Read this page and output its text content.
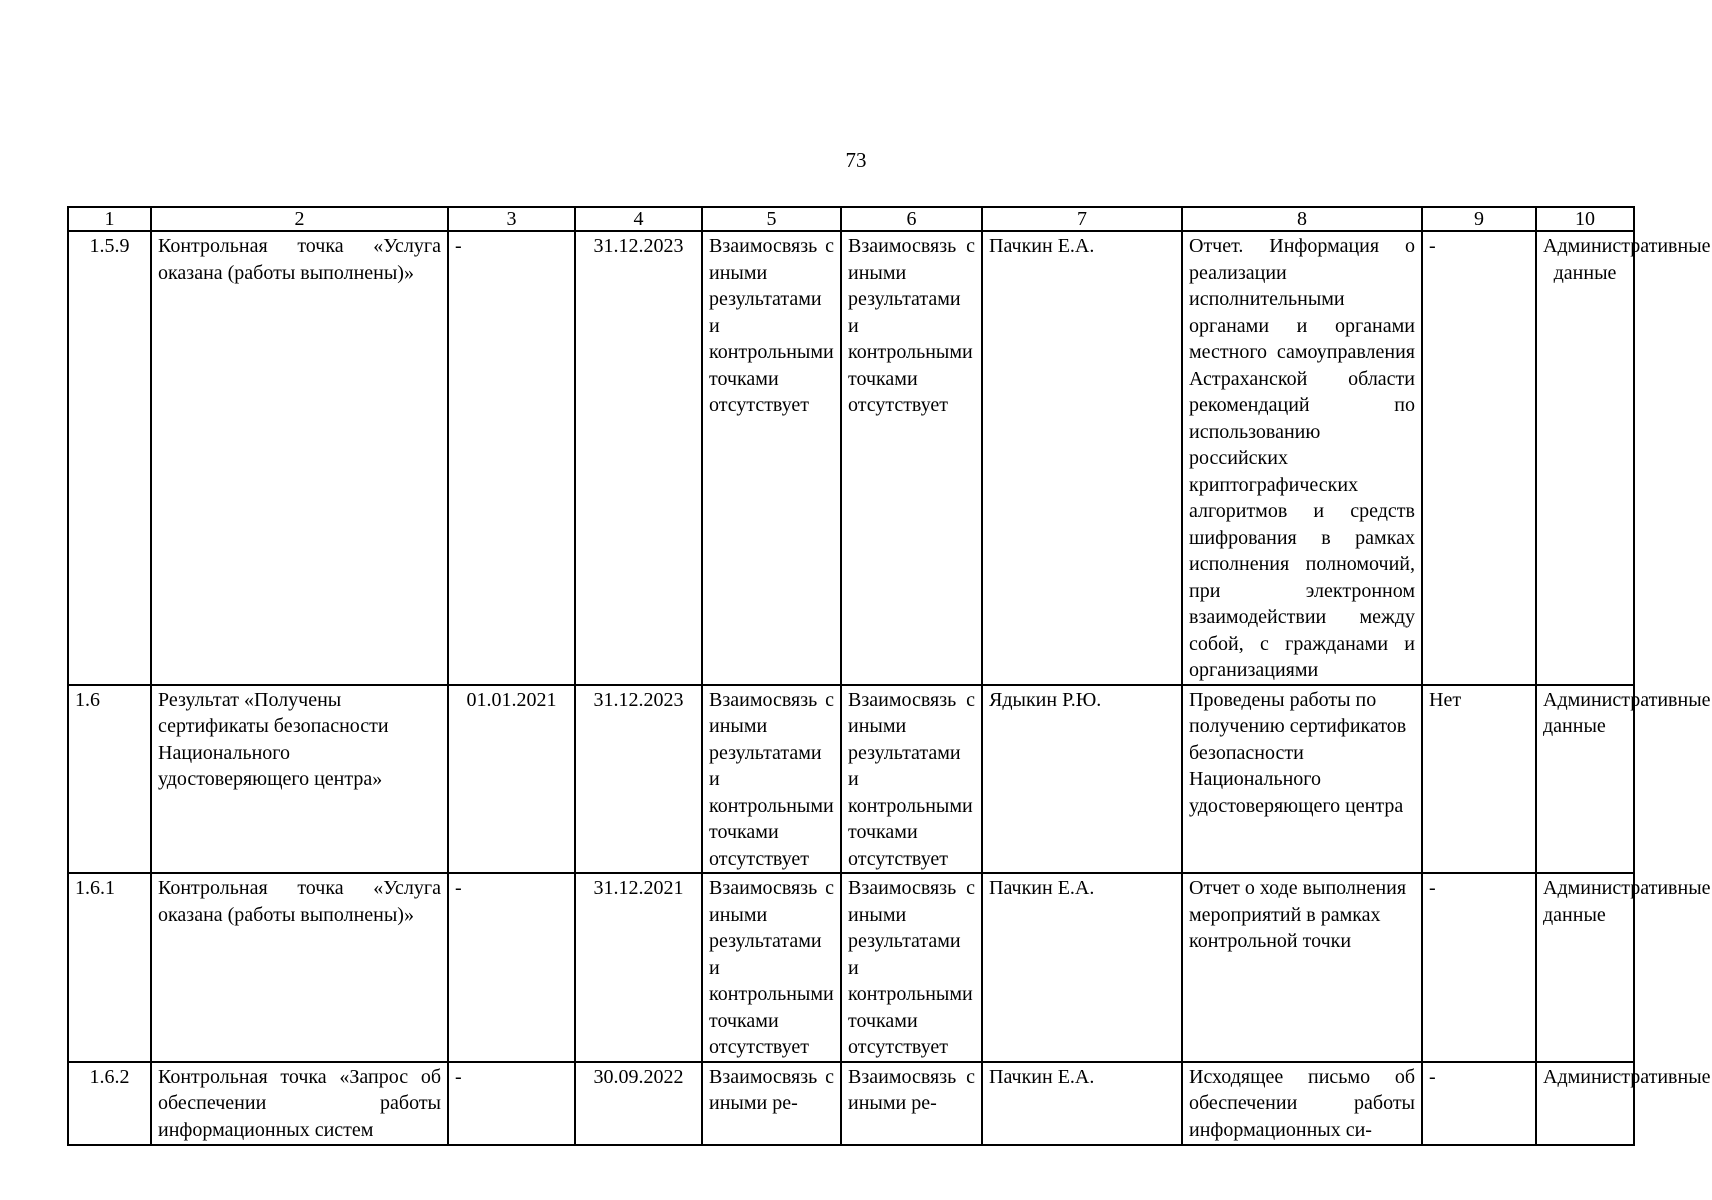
73
1	2	3	4	5	6	7	8	9	10
1.5.9	Контрольная точка «Услуга оказана (работы выполнены)»	-	31.12.2023	Взаимосвязь с иными результатами и контрольными точками отсутствует	Взаимосвязь с иными результатами и контрольными точками отсутствует	Пачкин Е.А.	Отчет. Информация о реализации исполнительными органами и органами местного самоуправления Астраханской области рекомендаций по использованию российских криптографических алгоритмов и средств шифрования в рамках исполнения полномочий, при электронном взаимодействии между собой, с гражданами и организациями	-	Административные данные
1.6	Результат «Получены сертификаты безопасности Национального удостоверяющего центра»	01.01.2021	31.12.2023	Взаимосвязь с иными результатами и контрольными точками отсутствует	Взаимосвязь с иными результатами и контрольными точками отсутствует	Ядыкин Р.Ю.	Проведены работы по получению сертификатов безопасности Национального удостоверяющего центра	Нет	Административные данные
1.6.1	Контрольная точка «Услуга оказана (работы выполнены)»	-	31.12.2021	Взаимосвязь с иными результатами и контрольными точками отсутствует	Взаимосвязь с иными результатами и контрольными точками отсутствует	Пачкин Е.А.	Отчет о ходе выполнения мероприятий в рамках контрольной точки	-	Административные данные
1.6.2	Контрольная точка «Запрос об обеспечении работы информационных систем	-	30.09.2022	Взаимосвязь с иными ре-	Взаимосвязь с иными ре-	Пачкин Е.А.	Исходящее письмо об обеспечении работы информационных си-	-	Административные
